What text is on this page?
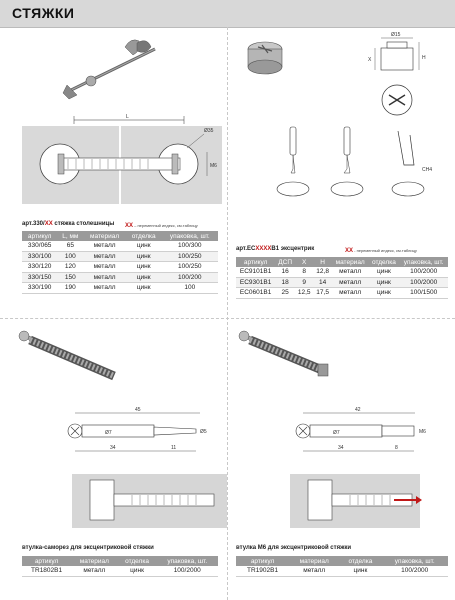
СТЯЖКИ
L
Ø35
M6
арт.330/XX стяжка столешницы XX – переменный индекс, см.таблицу
артикул	L, мм	материал	отделка	упаковка, шт.
330/065	65	металл	цинк	100/300
330/100	100	металл	цинк	100/250
330/120	120	металл	цинк	100/250
330/150	150	металл	цинк	100/200
330/190	190	металл	цинк	100
X	H
Ø15
CH4
арт.ECXXXXB1 эксцентрик	XX - переменный индекс, см.таблицу
артикул	ДСП	X	H	материал	отделка	упаковка, шт.
EC9101B1	16	8	12,8	металл	цинк	100/2000
EC9301B1	18	9	14	металл	цинк	100/2000
EC0601B1	25	12,5	17,5	металл	цинк	100/1500
45
Ø7	Ø5
34	11
втулка-саморез для эксцентриковой стяжки
артикул	материал	отделка	упаковка, шт.
TR1802B1	металл	цинк	100/2000
42
Ø7	M6
34	8
втулка M6 для эксцентриковой стяжки
артикул	материал	отделка	упаковка, шт.
TR1902B1	металл	цинк	100/2000
